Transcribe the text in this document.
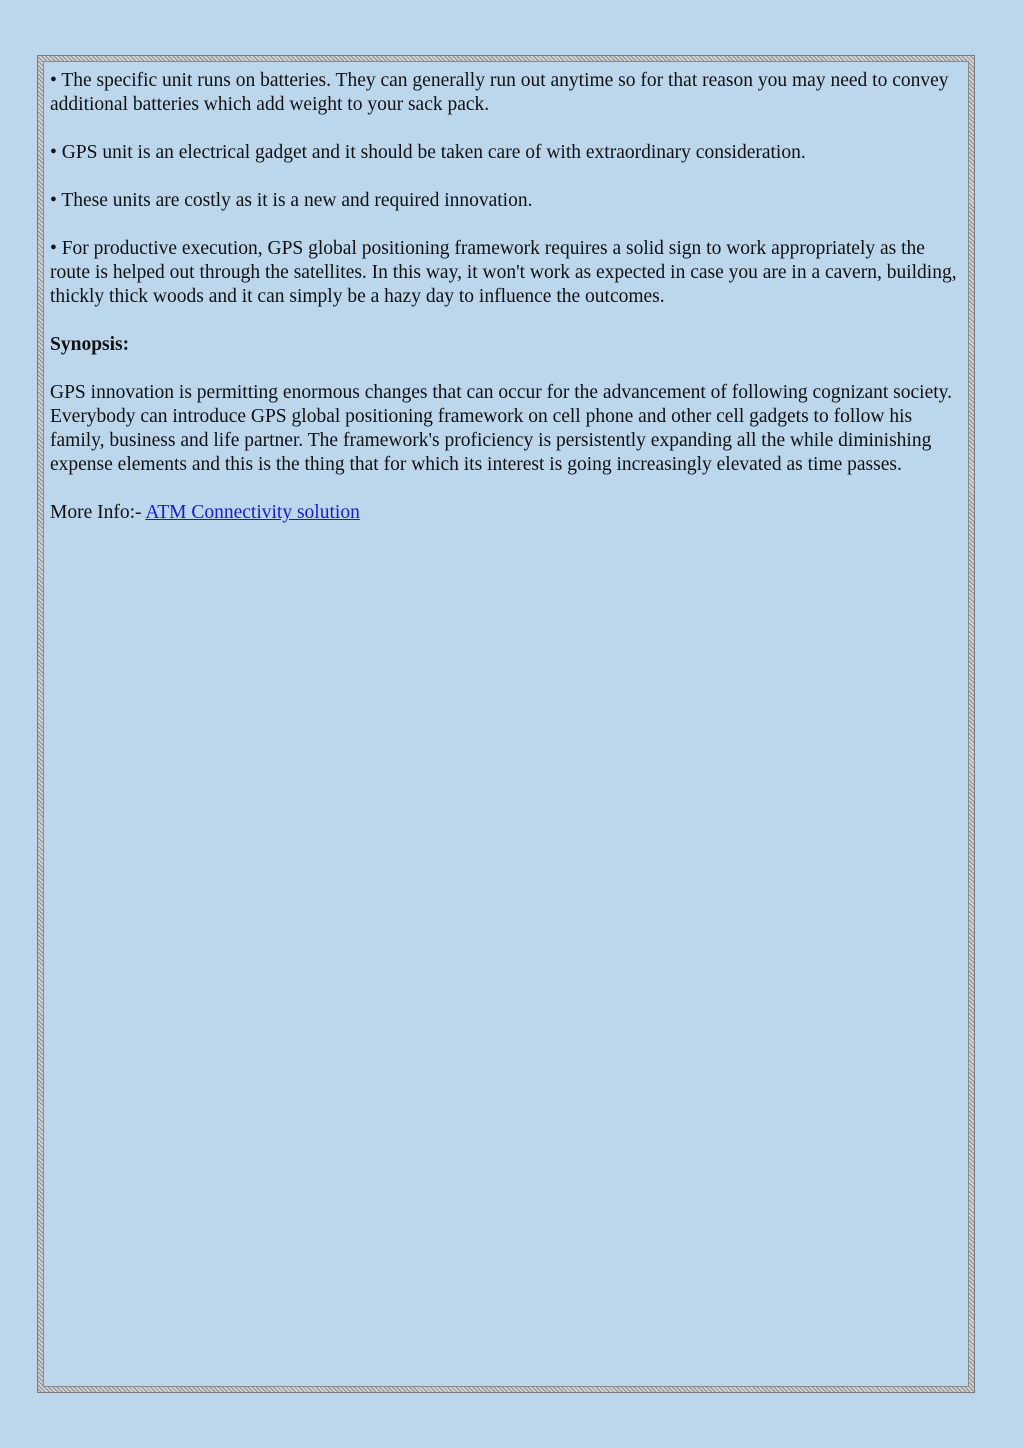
• The specific unit runs on batteries. They can generally run out anytime so for that reason you may need to convey additional batteries which add weight to your sack pack.

• GPS unit is an electrical gadget and it should be taken care of with extraordinary consideration.

• These units are costly as it is a new and required innovation.

• For productive execution, GPS global positioning framework requires a solid sign to work appropriately as the route is helped out through the satellites. In this way, it won't work as expected in case you are in a cavern, building, thickly thick woods and it can simply be a hazy day to influence the outcomes.

Synopsis:

GPS innovation is permitting enormous changes that can occur for the advancement of following cognizant society. Everybody can introduce GPS global positioning framework on cell phone and other cell gadgets to follow his family, business and life partner. The framework's proficiency is persistently expanding all the while diminishing expense elements and this is the thing that for which its interest is going increasingly elevated as time passes.

More Info:- ATM Connectivity solution
